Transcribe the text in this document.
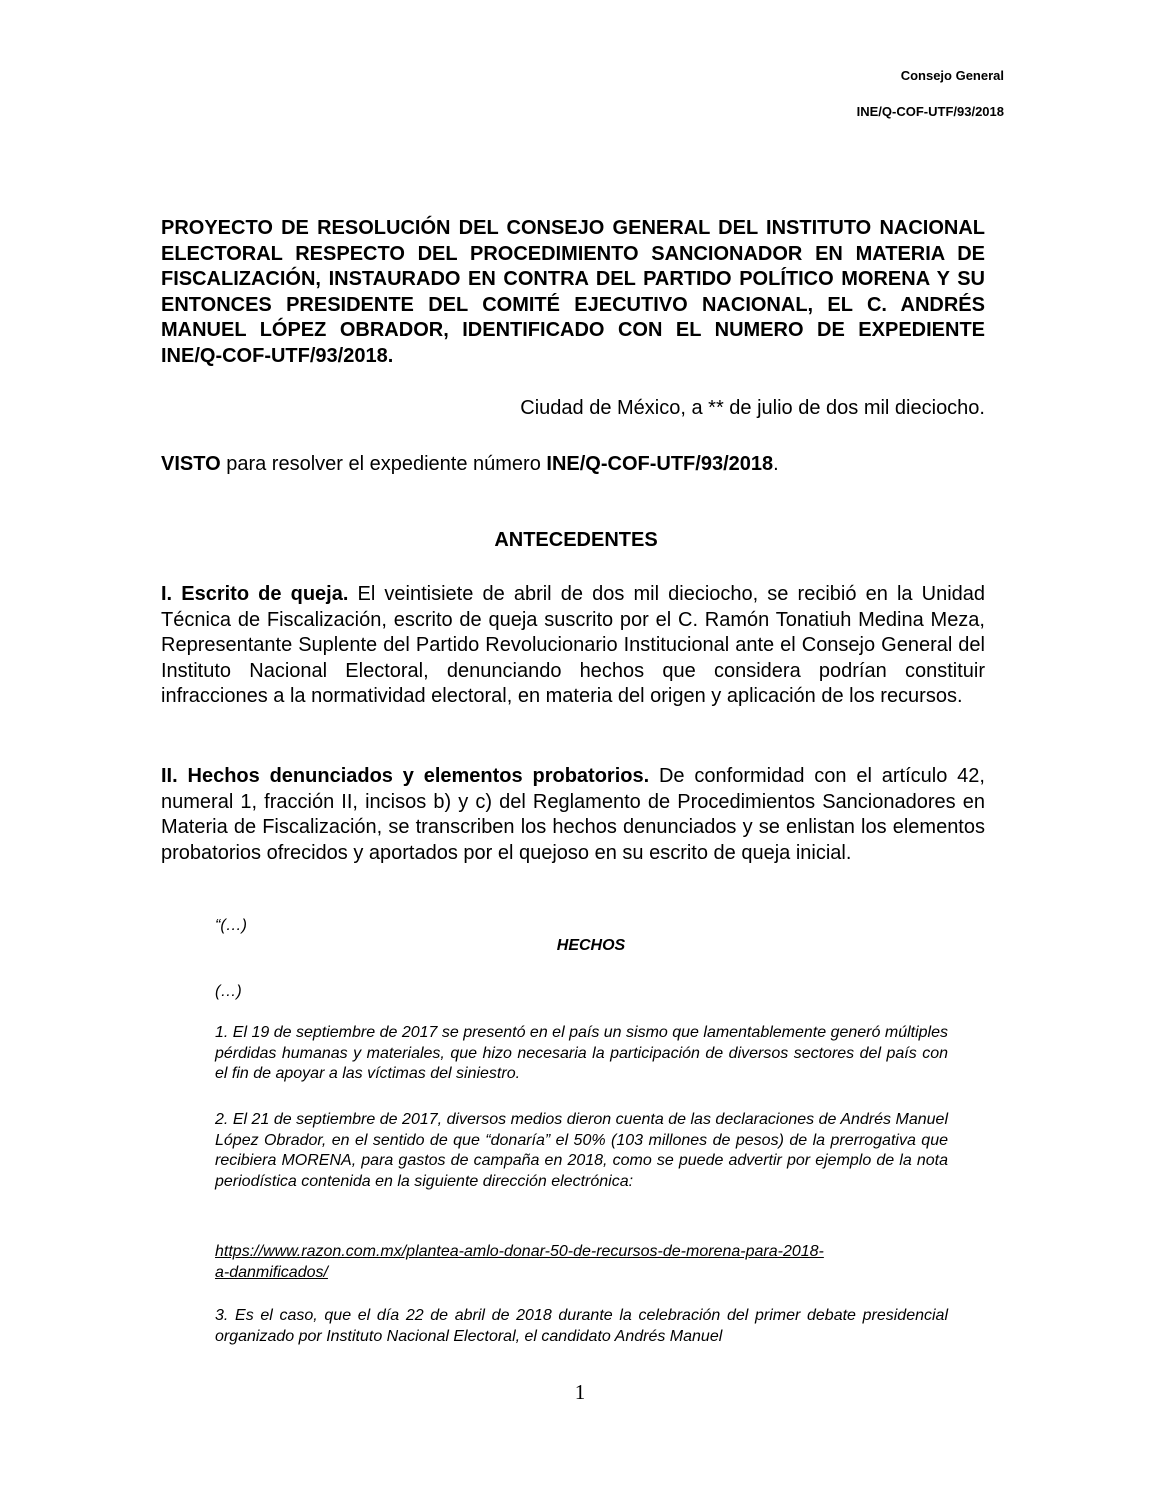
Consejo General
INE/Q-COF-UTF/93/2018

PROYECTO DE RESOLUCIÓN DEL CONSEJO GENERAL DEL INSTITUTO NACIONAL ELECTORAL RESPECTO DEL PROCEDIMIENTO SANCIONADOR EN MATERIA DE FISCALIZACIÓN, INSTAURADO EN CONTRA DEL PARTIDO POLÍTICO MORENA Y SU ENTONCES PRESIDENTE DEL COMITÉ EJECUTIVO NACIONAL, EL C. ANDRÉS MANUEL LÓPEZ OBRADOR, IDENTIFICADO CON EL NUMERO DE EXPEDIENTE INE/Q-COF-UTF/93/2018.

Ciudad de México, a ** de julio de dos mil dieciocho.
VISTO para resolver el expediente número INE/Q-COF-UTF/93/2018.
ANTECEDENTES

I. Escrito de queja. El veintisiete de abril de dos mil dieciocho, se recibió en la Unidad Técnica de Fiscalización, escrito de queja suscrito por el C. Ramón Tonatiuh Medina Meza, Representante Suplente del Partido Revolucionario Institucional ante el Consejo General del Instituto Nacional Electoral, denunciando hechos que considera podrían constituir infracciones a la normatividad electoral, en materia del origen y aplicación de los recursos.

II. Hechos denunciados y elementos probatorios. De conformidad con el artículo 42, numeral 1, fracción II, incisos b) y c) del Reglamento de Procedimientos Sancionadores en Materia de Fiscalización, se transcriben los hechos denunciados y se enlistan los elementos probatorios ofrecidos y aportados por el quejoso en su escrito de queja inicial.

“(…)

HECHOS

(…)

1. El 19 de septiembre de 2017 se presentó en el país un sismo que lamentablemente generó múltiples pérdidas humanas y materiales, que hizo necesaria la participación de diversos sectores del país con el fin de apoyar a las víctimas del siniestro.

2. El 21 de septiembre de 2017, diversos medios dieron cuenta de las declaraciones de Andrés Manuel López Obrador, en el sentido de que “donaría” el 50% (103 millones de pesos) de la prerrogativa que recibiera MORENA, para gastos de campaña en 2018, como se puede advertir por ejemplo de la nota periodística contenida en la siguiente dirección electrónica:

https://www.razon.com.mx/plantea-amlo-donar-50-de-recursos-de-morena-para-2018-
a-danmificados/

3. Es el caso, que el día 22 de abril de 2018 durante la celebración del primer debate presidencial organizado por Instituto Nacional Electoral, el candidato Andrés Manuel

1
